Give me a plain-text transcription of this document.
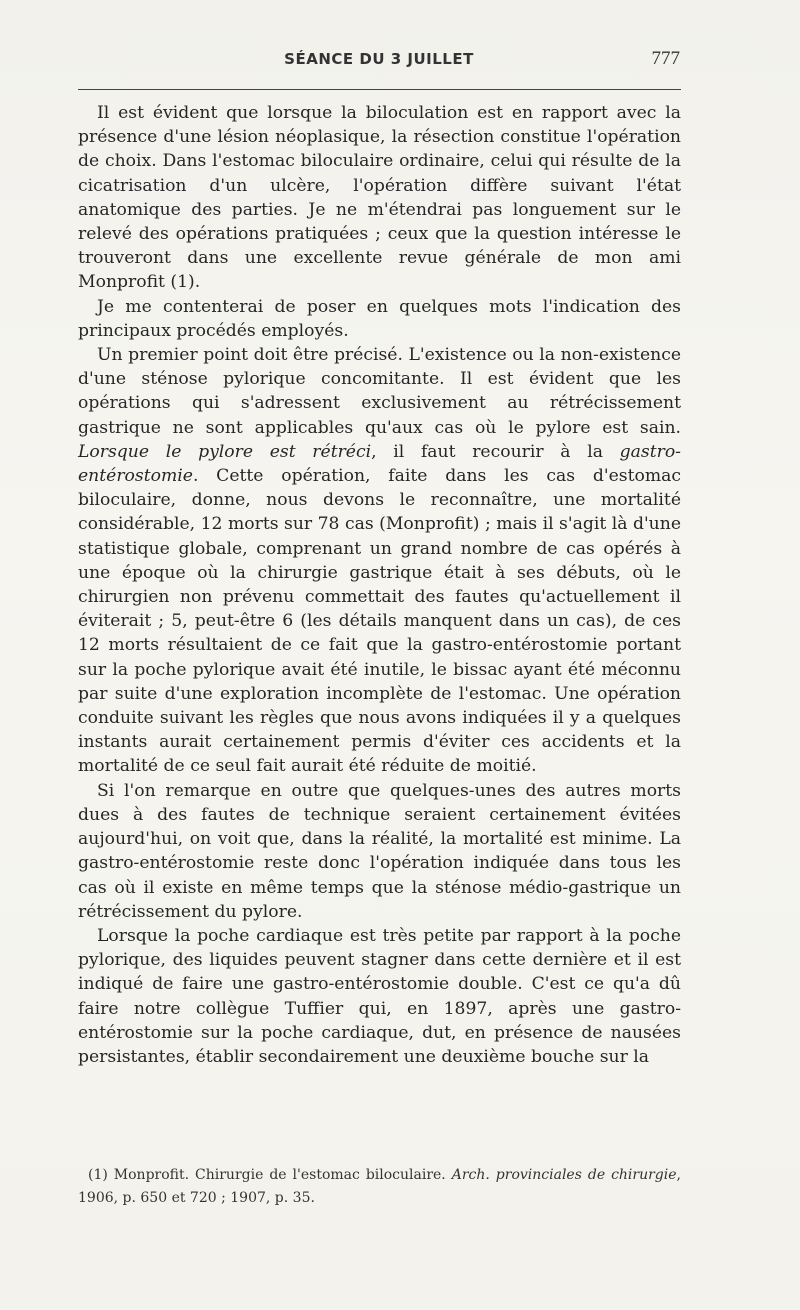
SÉANCE DU 3 JUILLET	777

Il est évident que lorsque la biloculation est en rapport avec la présence d'une lésion néoplasique, la résection constitue l'opération de choix. Dans l'estomac biloculaire ordinaire, celui qui résulte de la cicatrisation d'un ulcère, l'opération diffère suivant l'état anatomique des parties. Je ne m'étendrai pas longuement sur le relevé des opérations pratiquées ; ceux que la question intéresse le trouveront dans une excellente revue générale de mon ami Monprofit (1).

Je me contenterai de poser en quelques mots l'indication des principaux procédés employés.

Un premier point doit être précisé. L'existence ou la non-existence d'une sténose pylorique concomitante. Il est évident que les opérations qui s'adressent exclusivement au rétrécissement gastrique ne sont applicables qu'aux cas où le pylore est sain. Lorsque le pylore est rétréci, il faut recourir à la gastro-entérostomie. Cette opération, faite dans les cas d'estomac biloculaire, donne, nous devons le reconnaître, une mortalité considérable, 12 morts sur 78 cas (Monprofit) ; mais il s'agit là d'une statistique globale, comprenant un grand nombre de cas opérés à une époque où la chirurgie gastrique était à ses débuts, où le chirurgien non prévenu commettait des fautes qu'actuellement il éviterait ; 5, peut-être 6 (les détails manquent dans un cas), de ces 12 morts résultaient de ce fait que la gastro-entérostomie portant sur la poche pylorique avait été inutile, le bissac ayant été méconnu par suite d'une exploration incomplète de l'estomac. Une opération conduite suivant les règles que nous avons indiquées il y a quelques instants aurait certainement permis d'éviter ces accidents et la mortalité de ce seul fait aurait été réduite de moitié.

Si l'on remarque en outre que quelques-unes des autres morts dues à des fautes de technique seraient certainement évitées aujourd'hui, on voit que, dans la réalité, la mortalité est minime. La gastro-entérostomie reste donc l'opération indiquée dans tous les cas où il existe en même temps que la sténose médio-gastrique un rétrécissement du pylore.

Lorsque la poche cardiaque est très petite par rapport à la poche pylorique, des liquides peuvent stagner dans cette dernière et il est indiqué de faire une gastro-entérostomie double. C'est ce qu'a dû faire notre collègue Tuffier qui, en 1897, après une gastro-entérostomie sur la poche cardiaque, dut, en présence de nausées persistantes, établir secondairement une deuxième bouche sur la

(1) Monprofit. Chirurgie de l'estomac biloculaire. Arch. provinciales de chirurgie, 1906, p. 650 et 720 ; 1907, p. 35.
